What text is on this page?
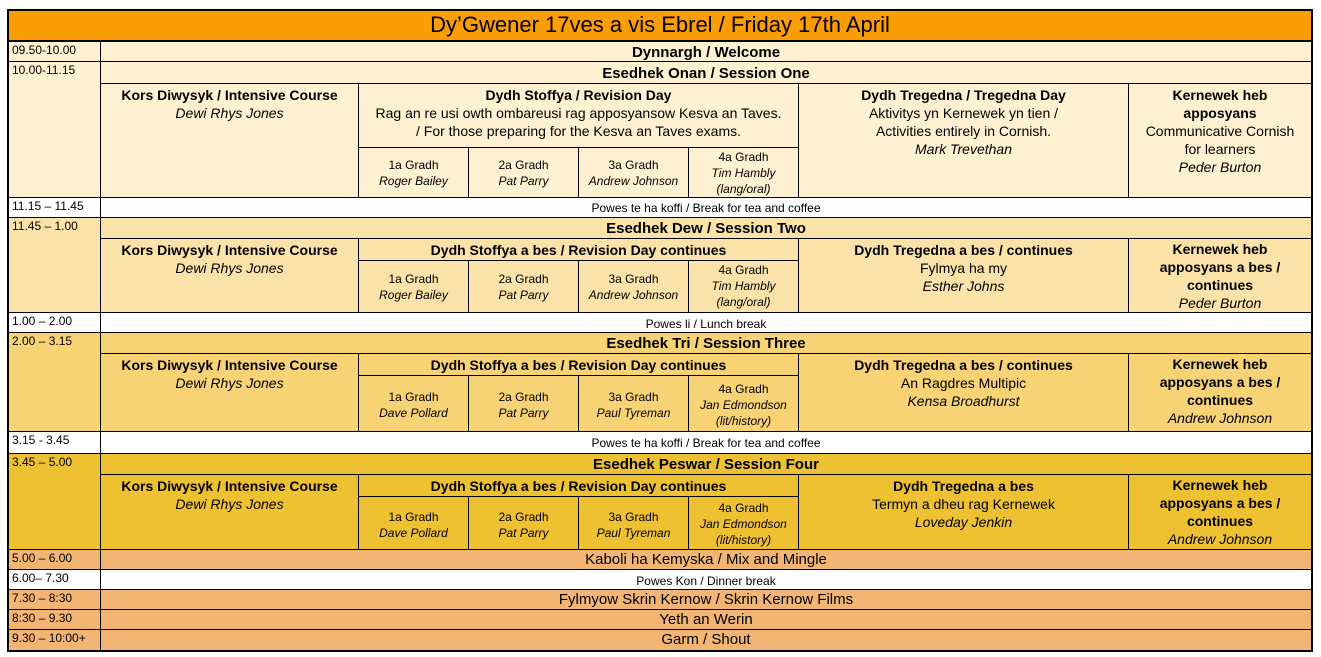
Dy’Gwener 17ves a vis Ebrel / Friday 17th April
09.50-10.00
10.00-11.15
11.15 – 11.45
11.45 – 1.00
1.00 – 2.00
2.00 – 3.15
3.15 - 3.45
3.45 – 5.00
5.00 – 6.00
6.00– 7.30
7.30 – 8:30
8:30 – 9.30
9.30 – 10:00+
Dynnargh / Welcome
Esedhek Onan / Session One
Kors Diwysyk / Intensive Course
Dewi Rhys Jones
Dydh Stoffya / Revision Day
Rag an re usi owth ombareusi rag apposyansow Kesva an Taves.
/ For those preparing for the Kesva an Taves exams.
1a Gradh
Roger Bailey
2a Gradh
Pat Parry
3a Gradh
Andrew Johnson
4a Gradh
Tim Hambly
(lang/oral)
Dydh Tregedna / Tregedna Day
Aktivitys yn Kernewek yn tien /
Activities entirely in Cornish.
Mark Trevethan
Kernewek heb
apposyans
Communicative Cornish
for learners
Peder Burton
Powes te ha koffi / Break for tea and coffee
Esedhek Dew / Session Two
Kors Diwysyk / Intensive Course
Dewi Rhys Jones
Dydh Stoffya a bes / Revision Day continues
1a Gradh
Roger Bailey
2a Gradh
Pat Parry
3a Gradh
Andrew Johnson
4a Gradh
Tim Hambly
(lang/oral)
Dydh Tregedna a bes / continues
Fylmya ha my
Esther Johns
Kernewek heb
apposyans a bes /
continues
Peder Burton
Powes li / Lunch break
Esedhek Tri / Session Three
Kors Diwysyk / Intensive Course
Dewi Rhys Jones
Dydh Stoffya a bes / Revision Day continues
1a Gradh
Dave Pollard
2a Gradh
Pat Parry
3a Gradh
Paul Tyreman
4a Gradh
Jan Edmondson
(lit/history)
Dydh Tregedna a bes / continues
An Ragdres Multipic
Kensa Broadhurst
Kernewek heb
apposyans a bes /
continues
Andrew Johnson
Powes te ha koffi / Break for tea and coffee
Esedhek Peswar / Session Four
Kors Diwysyk / Intensive Course
Dewi Rhys Jones
Dydh Stoffya a bes / Revision Day continues
1a Gradh
Dave Pollard
2a Gradh
Pat Parry
3a Gradh
Paul Tyreman
4a Gradh
Jan Edmondson
(lit/history)
Dydh Tregedna a bes
Termyn a dheu rag Kernewek
Loveday Jenkin
Kernewek heb
apposyans a bes /
continues
Andrew Johnson
Kaboli ha Kemyska / Mix and Mingle
Powes Kon / Dinner break
Fylmyow Skrin Kernow / Skrin Kernow Films
Yeth an Werin
Garm / Shout
